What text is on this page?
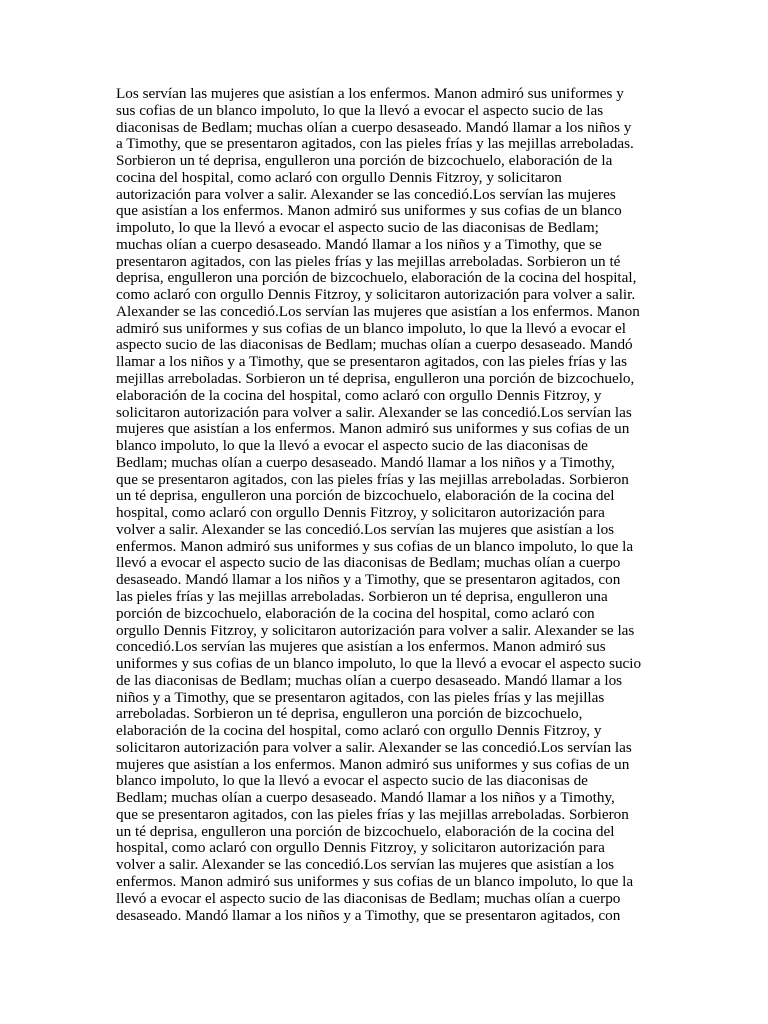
Los servían las mujeres que asistían a los enfermos. Manon admiró sus uniformes y
sus cofias de un blanco impoluto, lo que la llevó a evocar el aspecto sucio de las
diaconisas de Bedlam; muchas olían a cuerpo desaseado. Mandó llamar a los niños y
a Timothy, que se presentaron agitados, con las pieles frías y las mejillas arreboladas.
Sorbieron un té deprisa, engulleron una porción de bizcochuelo, elaboración de la
cocina del hospital, como aclaró con orgullo Dennis Fitzroy, y solicitaron
autorización para volver a salir. Alexander se las concedió.Los servían las mujeres
que asistían a los enfermos. Manon admiró sus uniformes y sus cofias de un blanco
impoluto, lo que la llevó a evocar el aspecto sucio de las diaconisas de Bedlam;
muchas olían a cuerpo desaseado. Mandó llamar a los niños y a Timothy, que se
presentaron agitados, con las pieles frías y las mejillas arreboladas. Sorbieron un té
deprisa, engulleron una porción de bizcochuelo, elaboración de la cocina del hospital,
como aclaró con orgullo Dennis Fitzroy, y solicitaron autorización para volver a salir.
Alexander se las concedió.Los servían las mujeres que asistían a los enfermos. Manon
admiró sus uniformes y sus cofias de un blanco impoluto, lo que la llevó a evocar el
aspecto sucio de las diaconisas de Bedlam; muchas olían a cuerpo desaseado. Mandó
llamar a los niños y a Timothy, que se presentaron agitados, con las pieles frías y las
mejillas arreboladas. Sorbieron un té deprisa, engulleron una porción de bizcochuelo,
elaboración de la cocina del hospital, como aclaró con orgullo Dennis Fitzroy, y
solicitaron autorización para volver a salir. Alexander se las concedió.Los servían las
mujeres que asistían a los enfermos. Manon admiró sus uniformes y sus cofias de un
blanco impoluto, lo que la llevó a evocar el aspecto sucio de las diaconisas de
Bedlam; muchas olían a cuerpo desaseado. Mandó llamar a los niños y a Timothy,
que se presentaron agitados, con las pieles frías y las mejillas arreboladas. Sorbieron
un té deprisa, engulleron una porción de bizcochuelo, elaboración de la cocina del
hospital, como aclaró con orgullo Dennis Fitzroy, y solicitaron autorización para
volver a salir. Alexander se las concedió.Los servían las mujeres que asistían a los
enfermos. Manon admiró sus uniformes y sus cofias de un blanco impoluto, lo que la
llevó a evocar el aspecto sucio de las diaconisas de Bedlam; muchas olían a cuerpo
desaseado. Mandó llamar a los niños y a Timothy, que se presentaron agitados, con
las pieles frías y las mejillas arreboladas. Sorbieron un té deprisa, engulleron una
porción de bizcochuelo, elaboración de la cocina del hospital, como aclaró con
orgullo Dennis Fitzroy, y solicitaron autorización para volver a salir. Alexander se las
concedió.Los servían las mujeres que asistían a los enfermos. Manon admiró sus
uniformes y sus cofias de un blanco impoluto, lo que la llevó a evocar el aspecto sucio
de las diaconisas de Bedlam; muchas olían a cuerpo desaseado. Mandó llamar a los
niños y a Timothy, que se presentaron agitados, con las pieles frías y las mejillas
arreboladas. Sorbieron un té deprisa, engulleron una porción de bizcochuelo,
elaboración de la cocina del hospital, como aclaró con orgullo Dennis Fitzroy, y
solicitaron autorización para volver a salir. Alexander se las concedió.Los servían las
mujeres que asistían a los enfermos. Manon admiró sus uniformes y sus cofias de un
blanco impoluto, lo que la llevó a evocar el aspecto sucio de las diaconisas de
Bedlam; muchas olían a cuerpo desaseado. Mandó llamar a los niños y a Timothy,
que se presentaron agitados, con las pieles frías y las mejillas arreboladas. Sorbieron
un té deprisa, engulleron una porción de bizcochuelo, elaboración de la cocina del
hospital, como aclaró con orgullo Dennis Fitzroy, y solicitaron autorización para
volver a salir. Alexander se las concedió.Los servían las mujeres que asistían a los
enfermos. Manon admiró sus uniformes y sus cofias de un blanco impoluto, lo que la
llevó a evocar el aspecto sucio de las diaconisas de Bedlam; muchas olían a cuerpo
desaseado. Mandó llamar a los niños y a Timothy, que se presentaron agitados, con
